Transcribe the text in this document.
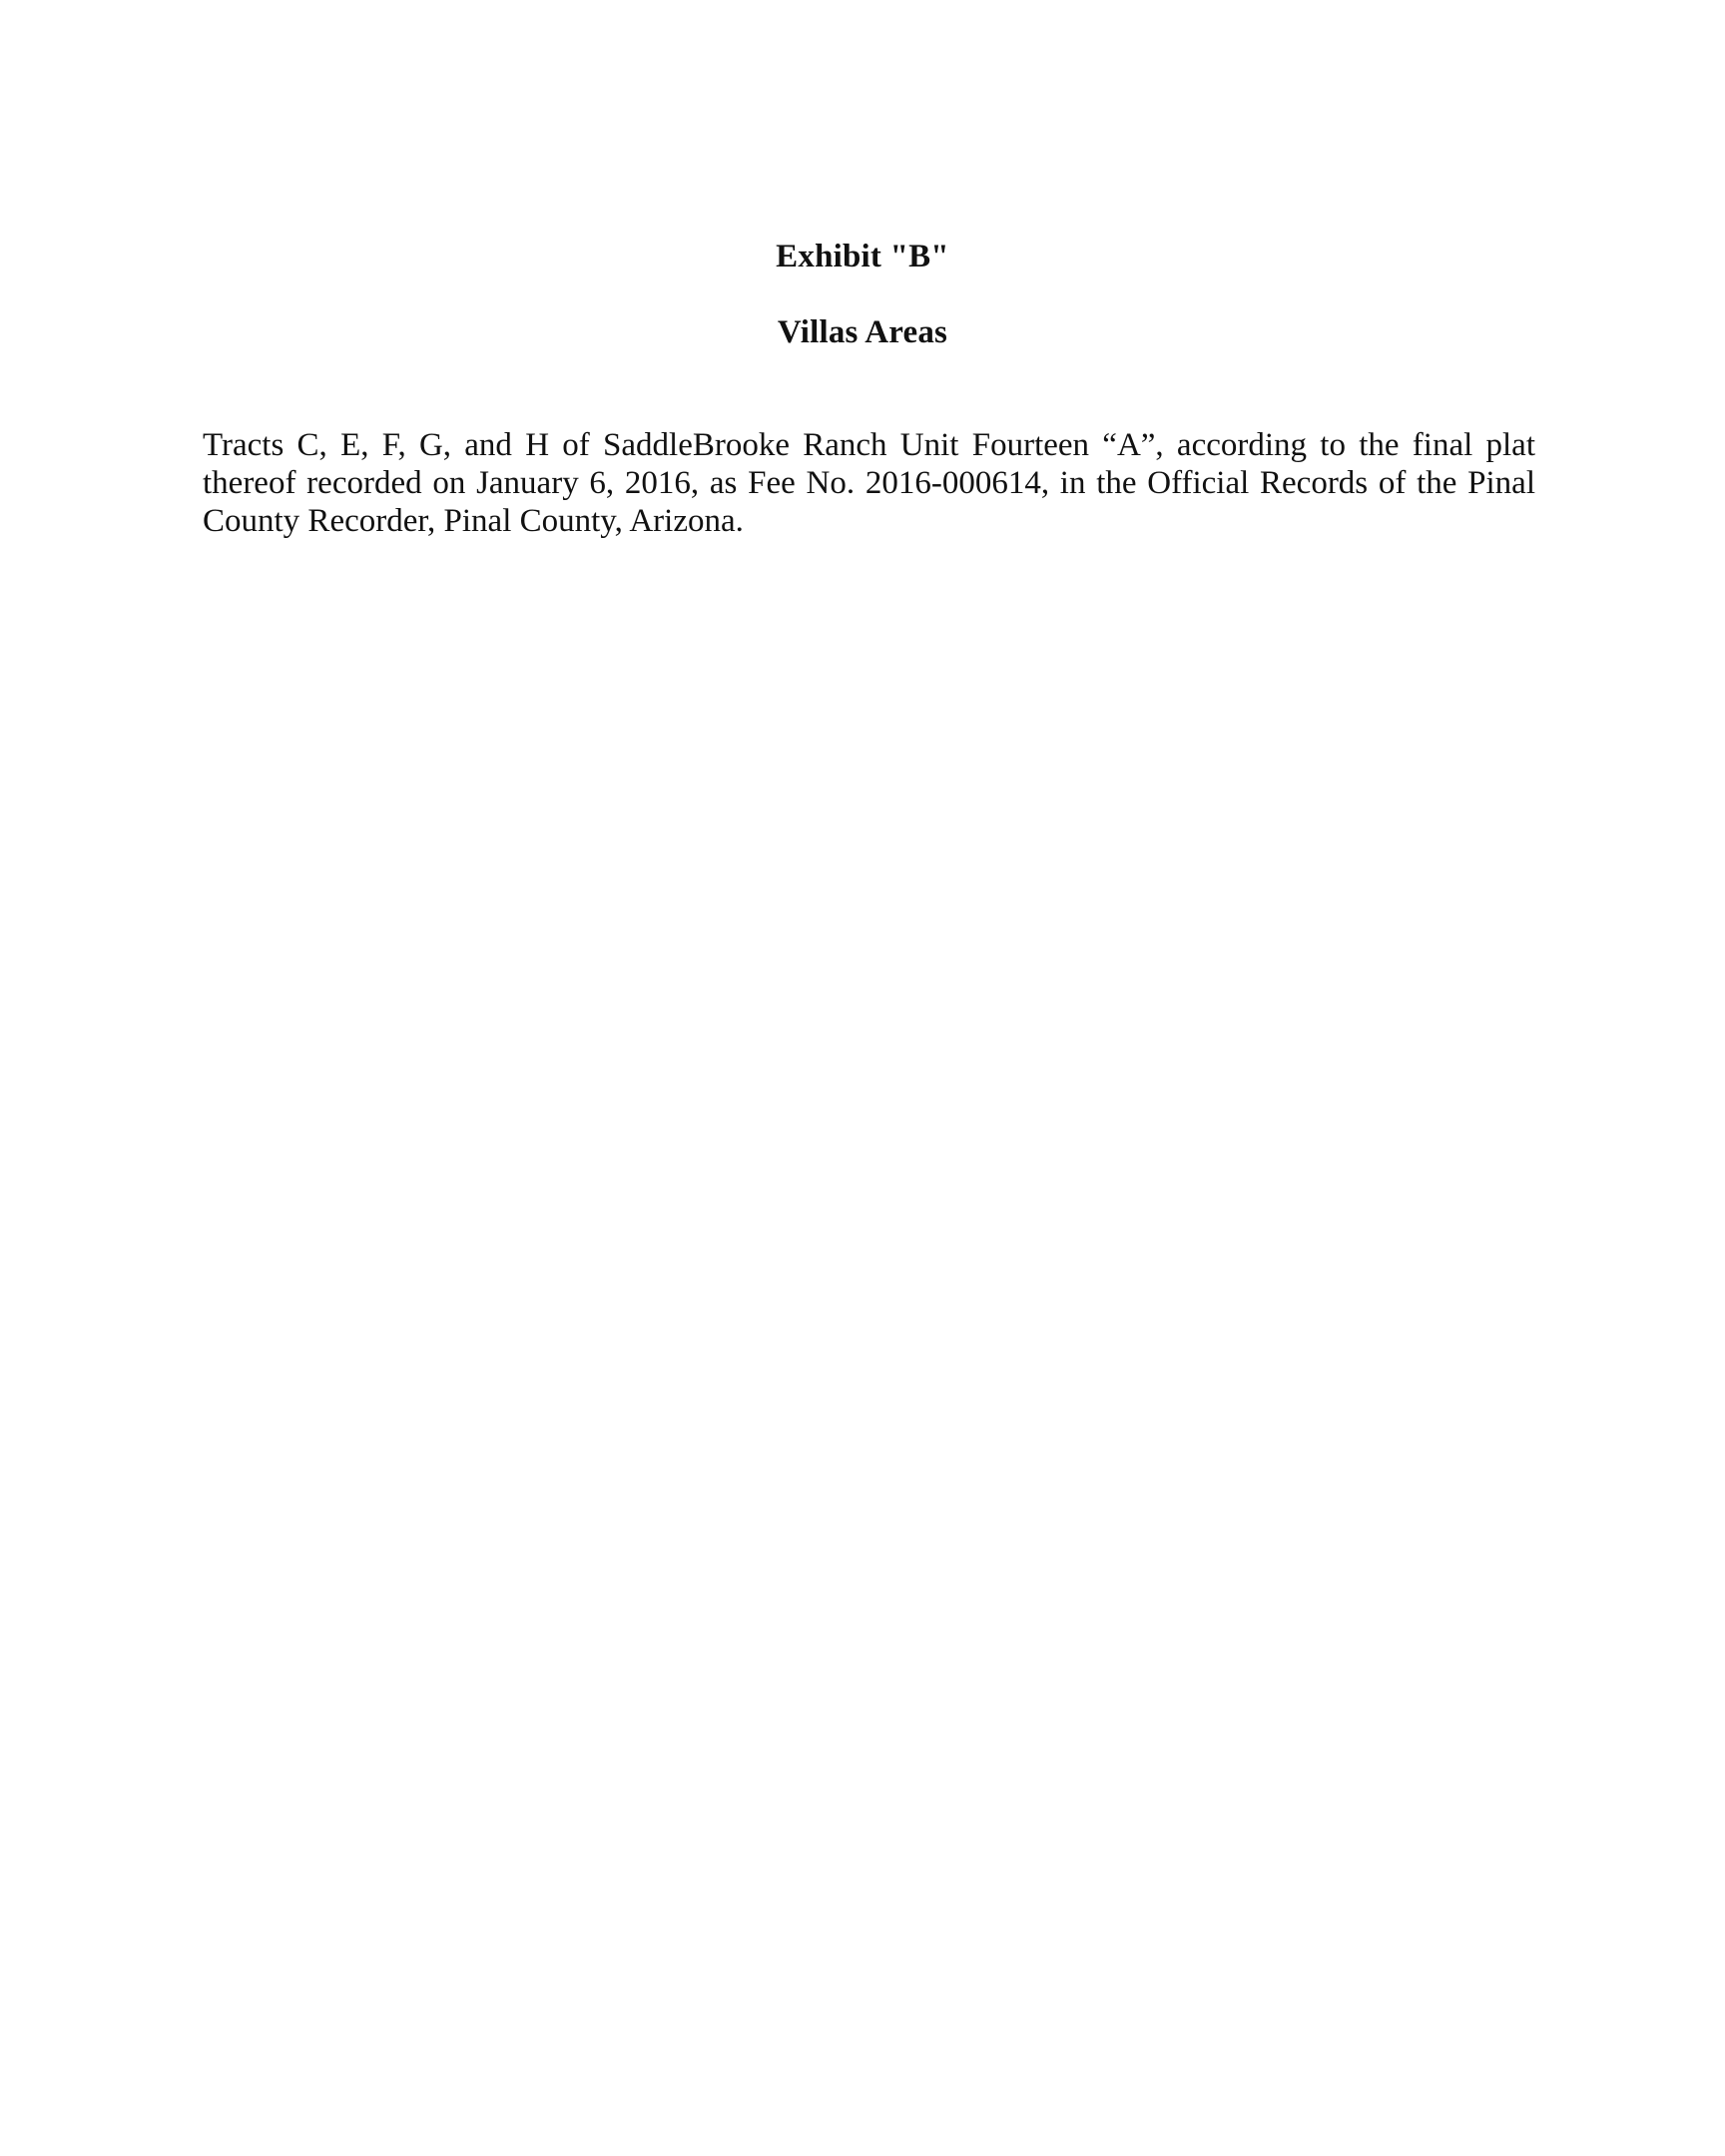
Exhibit "B"
Villas Areas

Tracts C, E, F, G, and H of SaddleBrooke Ranch Unit Fourteen “A”, according to the final plat thereof recorded on January 6, 2016, as Fee No. 2016-000614, in the Official Records of the Pinal County Recorder, Pinal County, Arizona.
